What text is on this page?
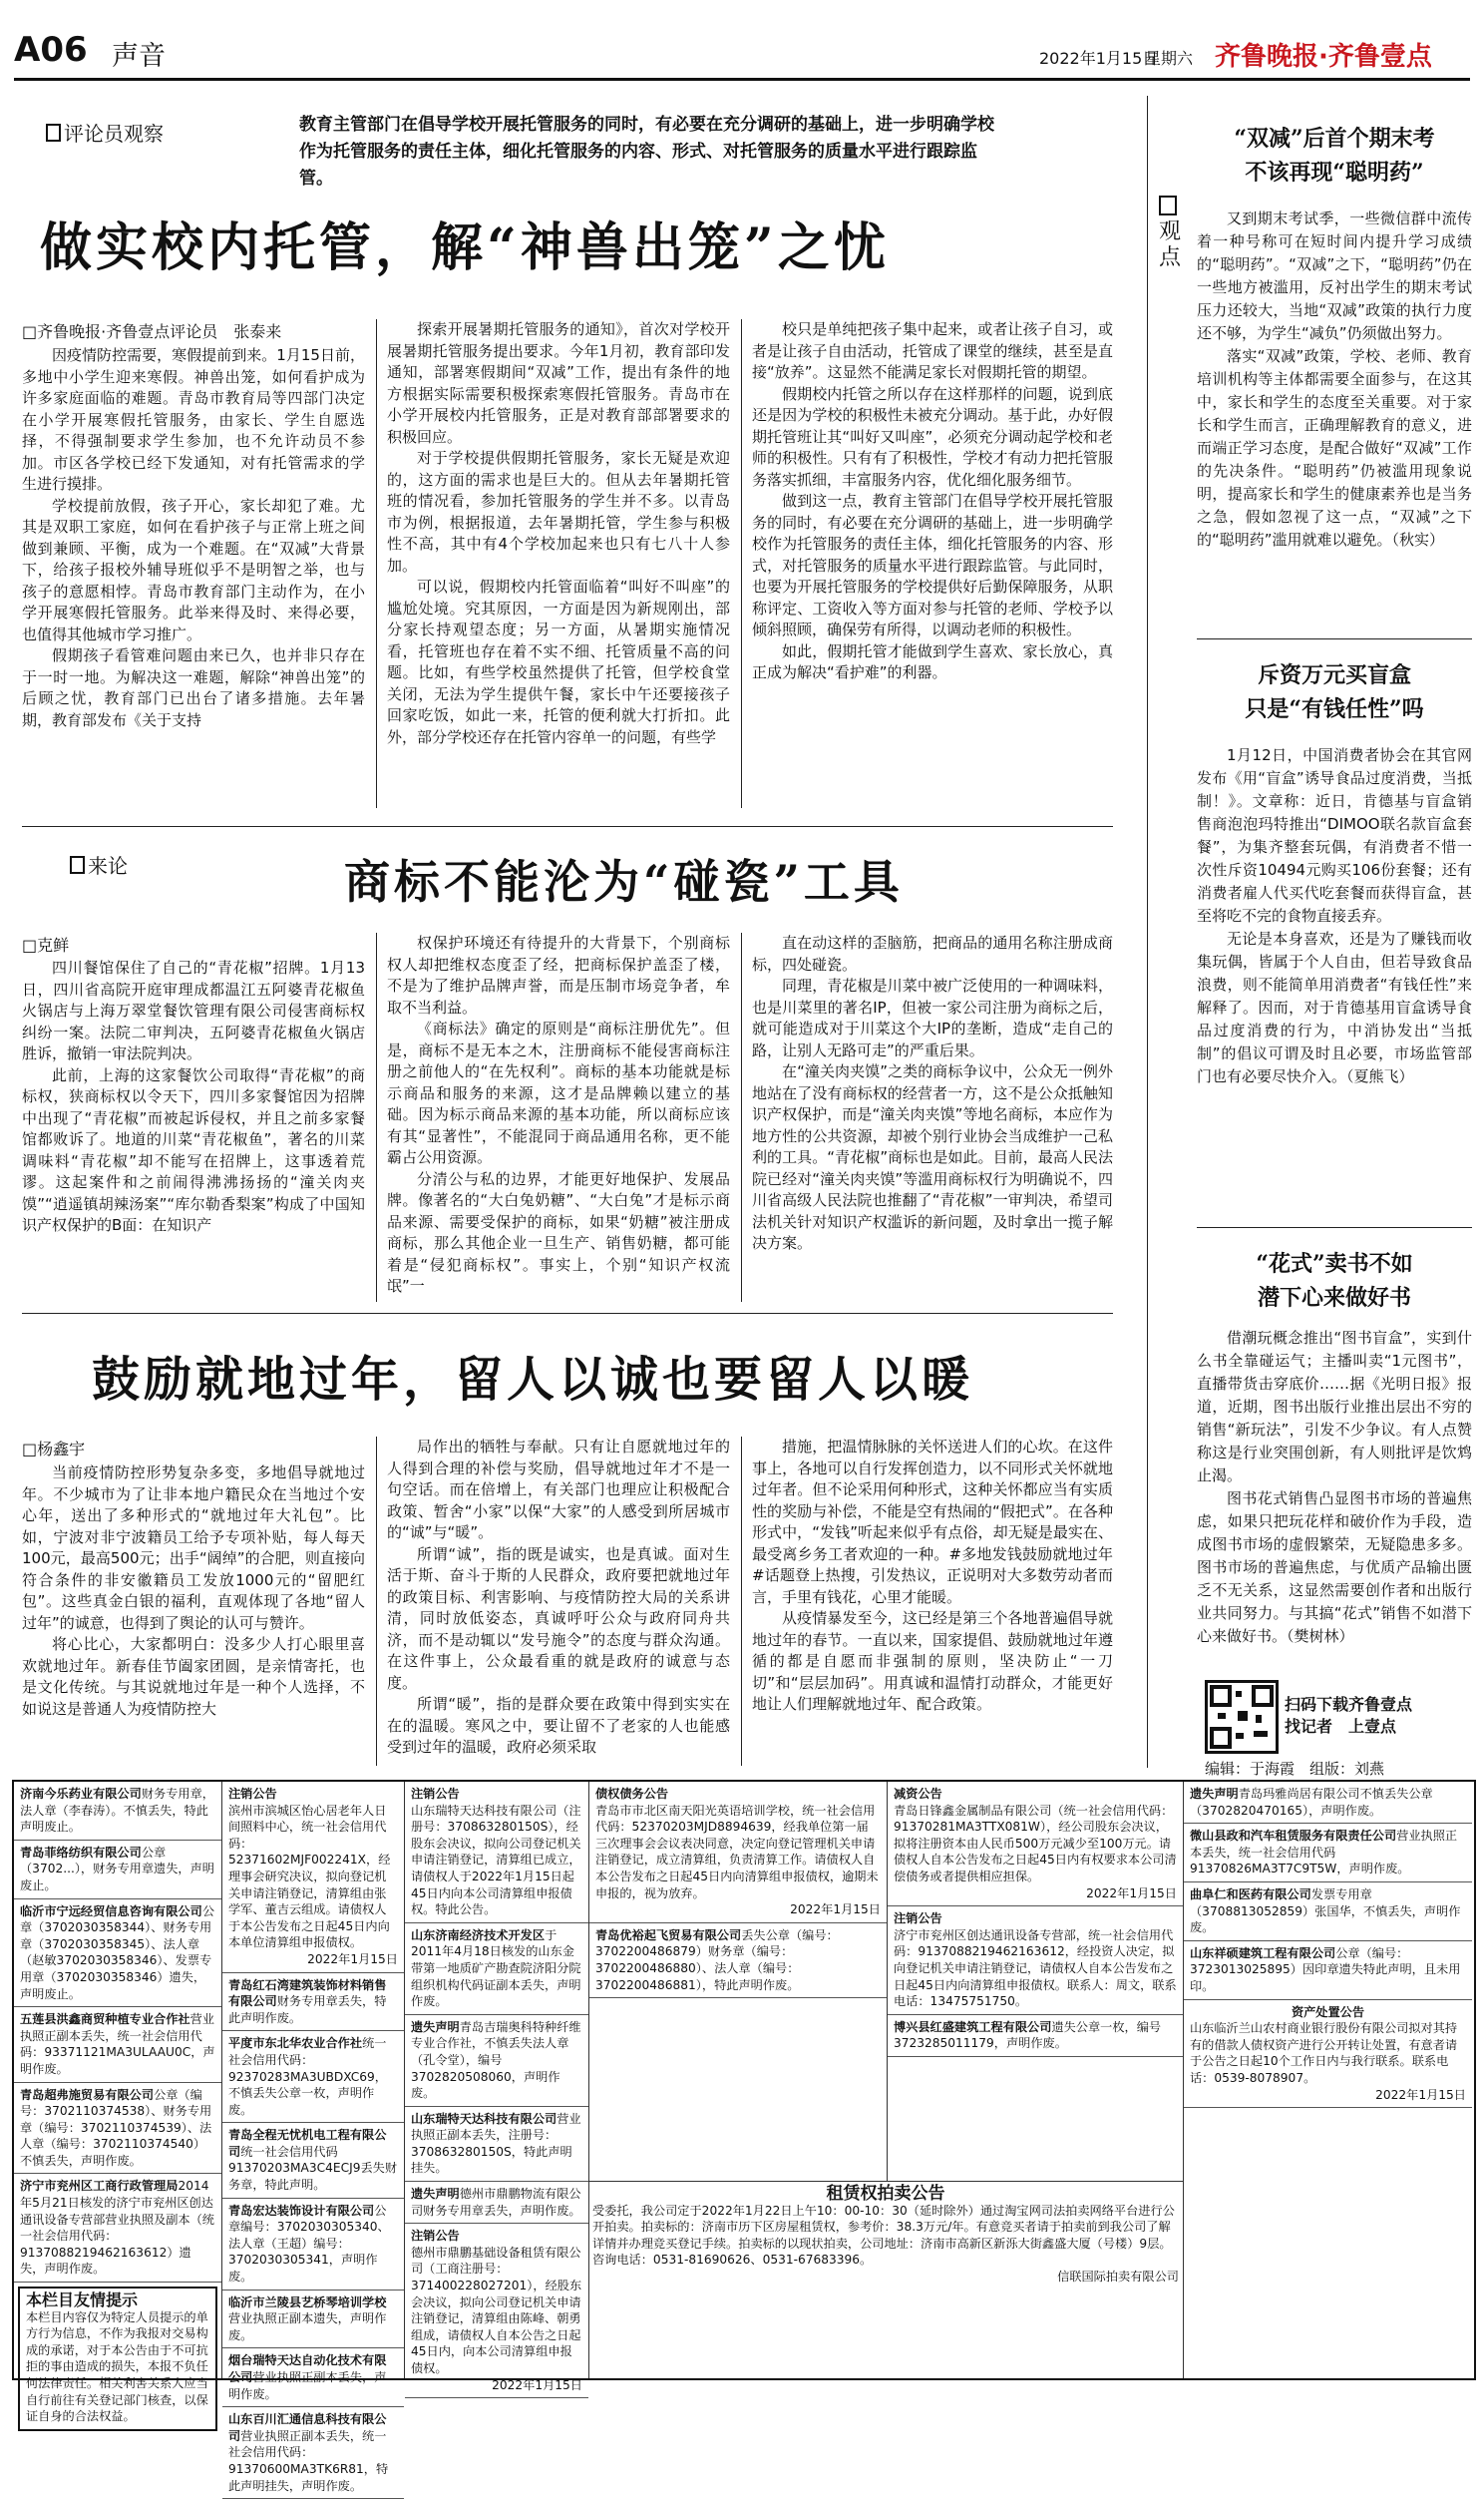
A06 声音	2022年1月15日
星期六 齐鲁晚报·齐鲁壹点
评论员观察	教育主管部门在倡导学校开展托管服务的同时，有必要在充分调研的基础上，进一步明确学校作为托管服务的责任主体，细化托管服务的内容、形式、对托管服务的质量水平进行跟踪监管。
做实校内托管，解“神兽出笼”之忧
□齐鲁晚报·齐鲁壹点评论员　张泰来

因疫情防控需要，寒假提前到来。1月15日前，多地中小学生迎来寒假。神兽出笼，如何看护成为许多家庭面临的难题。青岛市教育局等四部门决定在小学开展寒假托管服务，由家长、学生自愿选择，不得强制要求学生参加，也不允许动员不参加。市区各学校已经下发通知，对有托管需求的学生进行摸排。

学校提前放假，孩子开心，家长却犯了难。尤其是双职工家庭，如何在看护孩子与正常上班之间做到兼顾、平衡，成为一个难题。在“双减”大背景下，给孩子报校外辅导班似乎不是明智之举，也与孩子的意愿相悖。青岛市教育部门主动作为，在小学开展寒假托管服务。此举来得及时、来得必要，也值得其他城市学习推广。

假期孩子看管难问题由来已久，也并非只存在于一时一地。为解决这一难题，解除“神兽出笼”的后顾之忧，教育部门已出台了诸多措施。去年暑期，教育部发布《关于支持

探索开展暑期托管服务的通知》，首次对学校开展暑期托管服务提出要求。今年1月初，教育部印发通知，部署寒假期间“双减”工作，提出有条件的地方根据实际需要积极探索寒假托管服务。青岛市在小学开展校内托管服务，正是对教育部部署要求的积极回应。

对于学校提供假期托管服务，家长无疑是欢迎的，这方面的需求也是巨大的。但从去年暑期托管班的情况看，参加托管服务的学生并不多。以青岛市为例，根据报道，去年暑期托管，学生参与积极性不高，其中有4个学校加起来也只有七八十人参加。

可以说，假期校内托管面临着“叫好不叫座”的尴尬处境。究其原因，一方面是因为新规刚出，部分家长持观望态度；另一方面，从暑期实施情况看，托管班也存在着不实不细、托管质量不高的问题。比如，有些学校虽然提供了托管，但学校食堂关闭，无法为学生提供午餐，家长中午还要接孩子回家吃饭，如此一来，托管的便利就大打折扣。此外，部分学校还存在托管内容单一的问题，有些学

校只是单纯把孩子集中起来，或者让孩子自习，或者是让孩子自由活动，托管成了课堂的继续，甚至是直接“放养”。这显然不能满足家长对假期托管的期望。

假期校内托管之所以存在这样那样的问题，说到底还是因为学校的积极性未被充分调动。基于此，办好假期托管班让其“叫好又叫座”，必须充分调动起学校和老师的积极性。只有有了积极性，学校才有动力把托管服务落实抓细，丰富服务内容，优化细化服务细节。

做到这一点，教育主管部门在倡导学校开展托管服务的同时，有必要在充分调研的基础上，进一步明确学校作为托管服务的责任主体，细化托管服务的内容、形式，对托管服务的质量水平进行跟踪监管。与此同时，也要为开展托管服务的学校提供好后勤保障服务，从职称评定、工资收入等方面对参与托管的老师、学校予以倾斜照顾，确保劳有所得，以调动老师的积极性。

如此，假期托管才能做到学生喜欢、家长放心，真正成为解决“看护难”的利器。

来论	商标不能沦为“碰瓷”工具
□克鲜

四川餐馆保住了自己的“青花椒”招牌。1月13日，四川省高院开庭审理成都温江五阿婆青花椒鱼火锅店与上海万翠堂餐饮管理有限公司侵害商标权纠纷一案。法院二审判决，五阿婆青花椒鱼火锅店胜诉，撤销一审法院判决。

此前，上海的这家餐饮公司取得“青花椒”的商标权，狭商标权以令天下，四川多家餐馆因为招牌中出现了“青花椒”而被起诉侵权，并且之前多家餐馆都败诉了。地道的川菜“青花椒鱼”，著名的川菜调味料“青花椒”却不能写在招牌上，这事透着荒谬。这起案件和之前闹得沸沸扬扬的“潼关肉夹馍”“逍遥镇胡辣汤案”“库尔勒香梨案”构成了中国知识产权保护的B面：在知识产

权保护环境还有待提升的大背景下，个别商标权人却把维权态度歪了经，把商标保护盖歪了楼，不是为了维护品牌声誉，而是压制市场竞争者，牟取不当利益。

《商标法》确定的原则是“商标注册优先”。但是，商标不是无本之木，注册商标不能侵害商标注册之前他人的“在先权利”。商标的基本功能就是标示商品和服务的来源，这才是品牌赖以建立的基础。因为标示商品来源的基本功能，所以商标应该有其“显著性”，不能混同于商品通用名称，更不能霸占公用资源。

分清公与私的边界，才能更好地保护、发展品牌。像著名的“大白兔奶糖”、“大白兔”才是标示商品来源、需要受保护的商标，如果“奶糖”被注册成商标，那么其他企业一旦生产、销售奶糖，都可能着是“侵犯商标权”。事实上，个别“知识产权流氓”一

直在动这样的歪脑筋，把商品的通用名称注册成商标，四处碰瓷。

同理，青花椒是川菜中被广泛使用的一种调味料，也是川菜里的著名IP，但被一家公司注册为商标之后，就可能造成对于川菜这个大IP的垄断，造成“走自己的路，让别人无路可走”的严重后果。

在“潼关肉夹馍”之类的商标争议中，公众无一例外地站在了没有商标权的经营者一方，这不是公众抵触知识产权保护，而是“潼关肉夹馍”等地名商标，本应作为地方性的公共资源，却被个别行业协会当成维护一己私利的工具。“青花椒”商标也是如此。目前，最高人民法院已经对“潼关肉夹馍”等滥用商标权行为明确说不，四川省高级人民法院也推翻了“青花椒”一审判决，希望司法机关针对知识产权滥诉的新问题，及时拿出一揽子解决方案。

鼓励就地过年，留人以诚也要留人以暖
□杨鑫宇

当前疫情防控形势复杂多变，多地倡导就地过年。不少城市为了让非本地户籍民众在当地过个安心年，送出了多种形式的“就地过年大礼包”。比如，宁波对非宁波籍员工给予专项补贴，每人每天100元，最高500元；出手“阔绰”的合肥，则直接向符合条件的非安徽籍员工发放1000元的“留肥红包”。这些真金白银的福利，直观体现了各地“留人过年”的诚意，也得到了舆论的认可与赞许。

将心比心，大家都明白：没多少人打心眼里喜欢就地过年。新春佳节阖家团圆，是亲情寄托，也是文化传统。与其说就地过年是一种个人选择，不如说这是普通人为疫情防控大

局作出的牺牲与奉献。只有让自愿就地过年的人得到合理的补偿与奖励，倡导就地过年才不是一句空话。而在倍增上，有关部门也理应让积极配合政策、暂舍“小家”以保“大家”的人感受到所居城市的“诚”与“暖”。

所谓“诚”，指的既是诚实，也是真诚。面对生活于斯、奋斗于斯的人民群众，政府要把就地过年的政策目标、利害影响、与疫情防控大局的关系讲清，同时放低姿态，真诚呼吁公众与政府同舟共济，而不是动辄以“发号施令”的态度与群众沟通。在这件事上，公众最看重的就是政府的诚意与态度。

所谓“暖”，指的是群众要在政策中得到实实在在的温暖。寒风之中，要让留不了老家的人也能感受到过年的温暖，政府必须采取

措施，把温情脉脉的关怀送进人们的心坎。在这件事上，各地可以自行发挥创造力，以不同形式关怀就地过年者。但不论采用何种形式，这种关怀都应当有实质性的奖励与补偿，不能是空有热闹的“假把式”。在各种形式中，“发钱”听起来似乎有点俗，却无疑是最实在、最受离乡务工者欢迎的一种。#多地发钱鼓励就地过年#话题登上热搜，引发热议，正说明对大多数劳动者而言，手里有钱花，心里才能暖。

从疫情暴发至今，这已经是第三个各地普遍倡导就地过年的春节。一直以来，国家提倡、鼓励就地过年遵循的都是自愿而非强制的原则，坚决防止“一刀切”和“层层加码”。用真诚和温情打动群众，才能更好地让人们理解就地过年、配合政策。

观点
“双减”后首个期末考
不该再现“聪明药”

又到期末考试季，一些微信群中流传着一种号称可在短时间内提升学习成绩的“聪明药”。“双减”之下，“聪明药”仍在一些地方被滥用，反衬出学生的期末考试压力还较大，当地“双减”政策的执行力度还不够，为学生“减负”仍须做出努力。

落实“双减”政策，学校、老师、教育培训机构等主体都需要全面参与，在这其中，家长和学生的态度至关重要。对于家长和学生而言，正确理解教育的意义，进而端正学习态度，是配合做好“双减”工作的先决条件。“聪明药”仍被滥用现象说明，提高家长和学生的健康素养也是当务之急，假如忽视了这一点，“双减”之下的“聪明药”滥用就难以避免。（秋实）

斥资万元买盲盒
只是“有钱任性”吗

1月12日，中国消费者协会在其官网发布《用“盲盒”诱导食品过度消费，当抵制！》。文章称：近日，肯德基与盲盒销售商泡泡玛特推出“DIMOO联名款盲盒套餐”，为集齐整套玩偶，有消费者不惜一次性斥资10494元购买106份套餐；还有消费者雇人代买代吃套餐而获得盲盒，甚至将吃不完的食物直接丢弃。

无论是本身喜欢，还是为了赚钱而收集玩偶，皆属于个人自由，但若导致食品浪费，则不能简单用消费者“有钱任性”来解释了。因而，对于肯德基用盲盒诱导食品过度消费的行为，中消协发出“当抵制”的倡议可谓及时且必要，市场监管部门也有必要尽快介入。（夏熊飞）

“花式”卖书不如
潜下心来做好书

借潮玩概念推出“图书盲盒”，实到什么书全靠碰运气；主播叫卖“1元图书”，直播带货击穿底价……据《光明日报》报道，近期，图书出版行业推出层出不穷的销售“新玩法”，引发不少争议。有人点赞称这是行业突围创新，有人则批评是饮鸩止渴。

图书花式销售凸显图书市场的普遍焦虑，如果只把玩花样和破价作为手段，造成图书市场的虚假繁荣，无疑隐患多多。图书市场的普遍焦虑，与优质产品输出匮乏不无关系，这显然需要创作者和出版行业共同努力。与其搞“花式”销售不如潜下心来做好书。（樊树林）

扫码下载齐鲁壹点
找记者　上壹点
编辑：于海霞　组版：刘燕
济南今乐药业有限公司财务专用章，法人章（李春涛）。不慎丢失，特此声明废止。
青岛菲络纺织有限公司公章（3702...），财务专用章遗失，声明废止。
临沂市宁远经贸信息咨询有限公司公章（3702030358344）、财务专用章（3702030358345）、法人章（赵敏3702030358346）、发票专用章（3702030358346）遗失，声明废止。
五莲县洪鑫商贸种植专业合作社营业执照正副本丢失，统一社会信用代码：93371121MA3ULAAU0C，声明作废。
青岛超弗施贸易有限公司公章（编号：3702110374538）、财务专用章（编号：3702110374539）、法人章（编号：3702110374540）不慎丢失，声明作废。
济宁市兖州区工商行政管理局2014年5月21日核发的济宁市兖州区创达通讯设备专营部营业执照及副本（统一社会信用代码：9137088219462163612）遗失，声明作废。
本栏目友情提示
本栏目内容仅为特定人员提示的单方行为信息，不作为我报对交易构成的承诺，对于本公告由于不可抗拒的事由造成的损失，本报不负任何法律责任。相关利害关系人应当自行前往有关登记部门核查，以保证自身的合法权益。
注销公告
滨州市滨城区怡心居老年人日间照料中心，统一社会信用代码：52371602MJF002241X，经理事会研究决议，拟向登记机关申请注销登记，清算组由张学军、董吉云组成。请债权人于本公告发布之日起45日内向本单位清算组申报债权。
2022年1月15日
青岛红石湾建筑装饰材料销售有限公司财务专用章丢失，特此声明作废。
平度市东北华农业合作社统一社会信用代码：92370283MA3UBDXC69，不慎丢失公章一枚，声明作废。
青岛全程无忧机电工程有限公司统一社会信用代码91370203MA3C4ECJ9丢失财务章，特此声明。
青岛宏达装饰设计有限公司公章编号：3702030305340、法人章（王超）编号：3702030305341，声明作废。
临沂市兰陵县艺桥琴培训学校营业执照正副本遗失，声明作废。
烟台瑞特天达自动化技术有限公司营业执照正副本丢失，声明作废。
山东百川汇通信息科技有限公司营业执照正副本丢失，统一社会信用代码：91370600MA3TK6R81，特此声明挂失，声明作废。
注销公告
山东瑞特天达科技有限公司（注册号：370863280150S），经股东会决议，拟向公司登记机关申请注销登记，清算组已成立，请债权人于2022年1月15日起45日内向本公司清算组申报债权。特此公告。
山东济南经济技术开发区于2011年4月18日核发的山东金带第一地质矿产勘查院济阳分院组织机构代码证副本丢失，声明作废。
遗失声明青岛吉瑞奥科特种纤维专业合作社，不慎丢失法人章（孔令堂），编号3702820508060，声明作废。
山东瑞特天达科技有限公司营业执照正副本丢失，注册号：370863280150S，特此声明挂失。
遗失声明德州市鼎鹏物流有限公司财务专用章丢失，声明作废。
注销公告
德州市鼎鹏基础设备租赁有限公司（工商注册号：371400228027201），经股东会决议，拟向公司登记机关申请注销登记，清算组由陈峰、朝勇组成，请债权人自本公告之日起45日内，向本公司清算组申报债权。
2022年1月15日
债权债务公告
青岛市市北区南天阳光英语培训学校，统一社会信用代码：52370203MJD8894639，经我单位第一届三次理事会会议表决同意，决定向登记管理机关申请注销登记，成立清算组，负责清算工作。请债权人自本公告发布之日起45日内向清算组申报债权，逾期未申报的，视为放弃。
2022年1月15日
青岛优裕起飞贸易有限公司丢失公章（编号：3702200486879）财务章（编号：3702200486880）、法人章（编号：3702200486881），特此声明作废。
减资公告
青岛日锋鑫金属制品有限公司（统一社会信用代码：91370281MA3TTX081W），经公司股东会决议，拟将注册资本由人民币500万元减少至100万元。请债权人自本公告发布之日起45日内有权要求本公司清偿债务或者提供相应担保。
2022年1月15日
注销公告
济宁市兖州区创达通讯设备专营部，统一社会信用代码：9137088219462163612，经投资人决定，拟向登记机关申请注销登记，请债权人自本公告发布之日起45日内向清算组申报债权。联系人：周文，联系电话：13475751750。
博兴县红盛建筑工程有限公司遗失公章一枚，编号3723285011179，声明作废。
租赁权拍卖公告
受委托，我公司定于2022年1月22日上午10：00-10：30（延时除外）通过淘宝网司法拍卖网络平台进行公开拍卖。拍卖标的：济南市历下区房屋租赁权，参考价：38.3万元/年。有意竞买者请于拍卖前到我公司了解详情并办理竞买登记手续。拍卖标的以现状拍卖，公司地址：济南市高新区新泺大街鑫盛大厦（号楼）9层。咨询电话：0531-81690626、0531-67683396。
信联国际拍卖有限公司
遗失声明青岛玛雅尚居有限公司不慎丢失公章（3702820470165），声明作废。
微山县政和汽车租赁服务有限责任公司营业执照正本丢失，统一社会信用代码91370826MA3T7C9T5W，声明作废。
曲阜仁和医药有限公司发票专用章（3708813052859）张国华，不慎丢失，声明作废。
山东祥硕建筑工程有限公司公章（编号：3723013025895）因印章遗失特此声明，且未用印。
资产处置公告
山东临沂兰山农村商业银行股份有限公司拟对其持有的借款人债权资产进行公开转让处置，有意者请于公告之日起10个工作日内与我行联系。联系电话：0539-8078907。
2022年1月15日
